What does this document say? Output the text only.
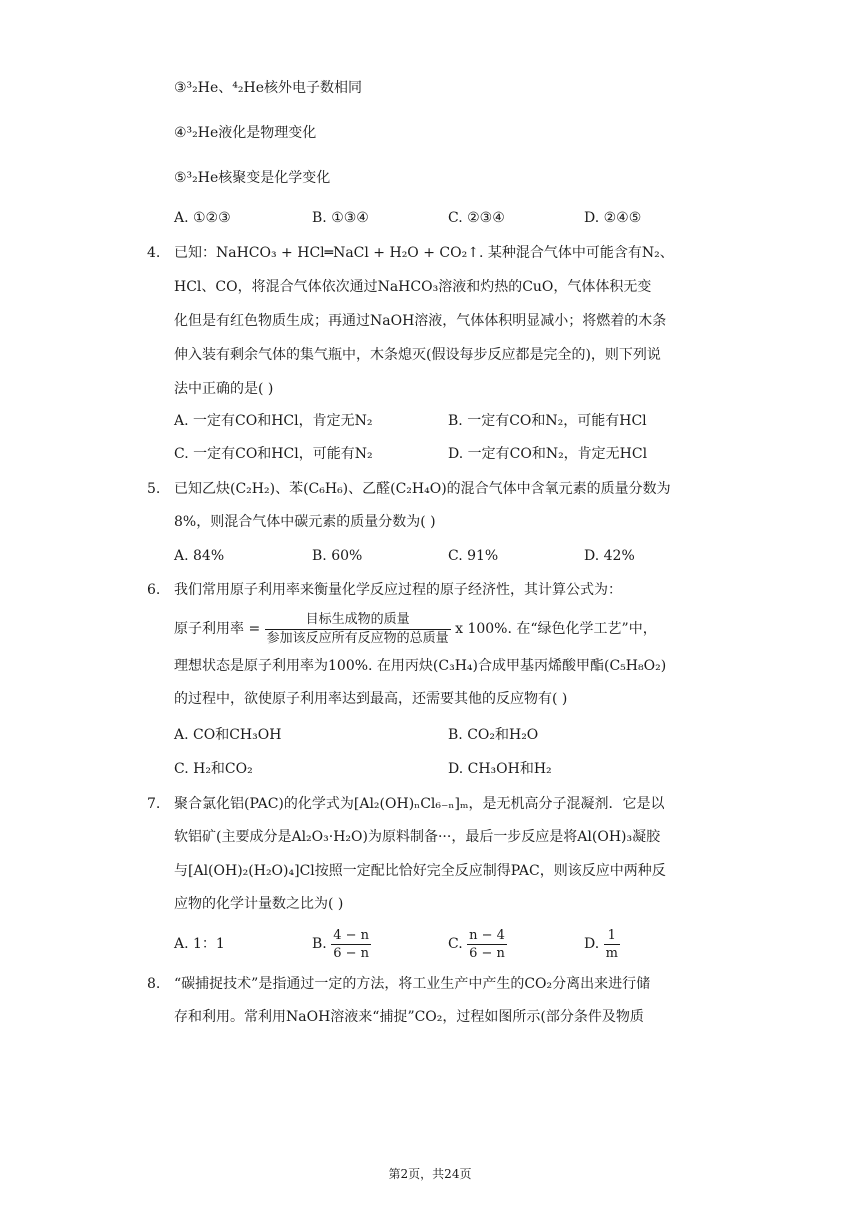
③³₂He、⁴₂He核外电子数相同
④³₂He液化是物理变化
⑤³₂He核聚变是化学变化
A. ①②③	B. ①③④	C. ②③④	D. ②④⑤
4. 已知：NaHCO₃ + HCl═NaCl + H₂O + CO₂↑. 某种混合气体中可能含有N₂、
HCl、CO，将混合气体依次通过NaHCO₃溶液和灼热的CuO，气体体积无变
化但是有红色物质生成；再通过NaOH溶液，气体体积明显减小；将燃着的木条
伸入装有剩余气体的集气瓶中，木条熄灭(假设每步反应都是完全的)，则下列说
法中正确的是( )
A. 一定有CO和HCl，肯定无N₂	B. 一定有CO和N₂，可能有HCl
C. 一定有CO和HCl，可能有N₂	D. 一定有CO和N₂，肯定无HCl
5. 已知乙炔(C₂H₂)、苯(C₆H₆)、乙醛(C₂H₄O)的混合气体中含氧元素的质量分数为
8%，则混合气体中碳元素的质量分数为( )
A. 84%	B. 60%	C. 91%	D. 42%
6. 我们常用原子利用率来衡量化学反应过程的原子经济性，其计算公式为：
原子利用率 = $\frac{\text{目标生成物的质量}}{\text{参加该反应所有反应物的总质量}}$ x 100%. 在“绿色化学工艺”中，
理想状态是原子利用率为100%. 在用丙炔(C₃H₄)合成甲基丙烯酸甲酯(C₅H₈O₂)
的过程中，欲使原子利用率达到最高，还需要其他的反应物有( )
A. CO和CH₃OH	B. CO₂和H₂O
C. H₂和CO₂	D. CH₃OH和H₂
7. 聚合氯化铝(PAC)的化学式为[Al₂(OH)ₙCl₆₋ₙ]ₘ，是无机高分子混凝剂．它是以
软铝矿(主要成分是Al₂O₃·H₂O)为原料制备···，最后一步反应是将Al(OH)₃凝胶
与[Al(OH)₂(H₂O)₄]Cl按照一定配比恰好完全反应制得PAC，则该反应中两种反
应物的化学计量数之比为( )
A. 1：1	B. $\frac{4 - n}{6 - n}$	C. $\frac{n - 4}{6 - n}$	D. $\frac{1}{m}$
8. “碳捕捉技术”是指通过一定的方法，将工业生产中产生的CO₂分离出来进行储
存和利用。常利用NaOH溶液来“捕捉”CO₂，过程如图所示(部分条件及物质
第2页，共24页
